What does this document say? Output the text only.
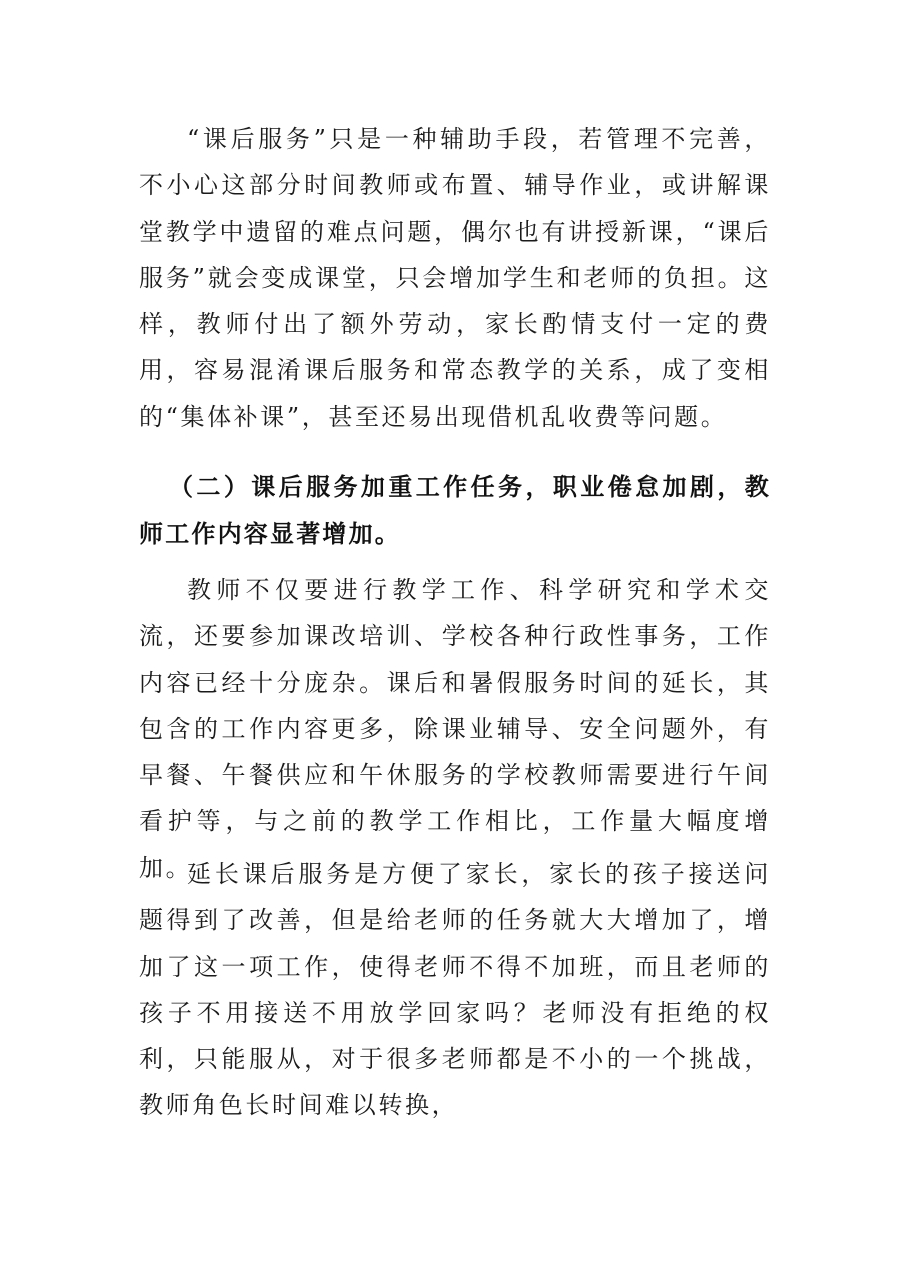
“课后服务”只是一种辅助手段，若管理不完善，不小心这部分时间教师或布置、辅导作业，或讲解课堂教学中遗留的难点问题，偶尔也有讲授新课，“课后服务”就会变成课堂，只会增加学生和老师的负担。这样，教师付出了额外劳动，家长酌情支付一定的费用，容易混淆课后服务和常态教学的关系，成了变相的“集体补课”，甚至还易出现借机乱收费等问题。

（二）课后服务加重工作任务，职业倦怠加剧，教师工作内容显著增加。

教师不仅要进行教学工作、科学研究和学术交流，还要参加课改培训、学校各种行政性事务，工作内容已经十分庞杂。课后和暑假服务时间的延长，其包含的工作内容更多，除课业辅导、安全问题外，有早餐、午餐供应和午休服务的学校教师需要进行午间看护等，与之前的教学工作相比，工作量大幅度增加。

延长课后服务是方便了家长，家长的孩子接送问题得到了改善，但是给老师的任务就大大增加了，增加了这一项工作，使得老师不得不加班，而且老师的孩子不用接送不用放学回家吗？老师没有拒绝的权利，只能服从，对于很多老师都是不小的一个挑战，教师角色长时间难以转换，
